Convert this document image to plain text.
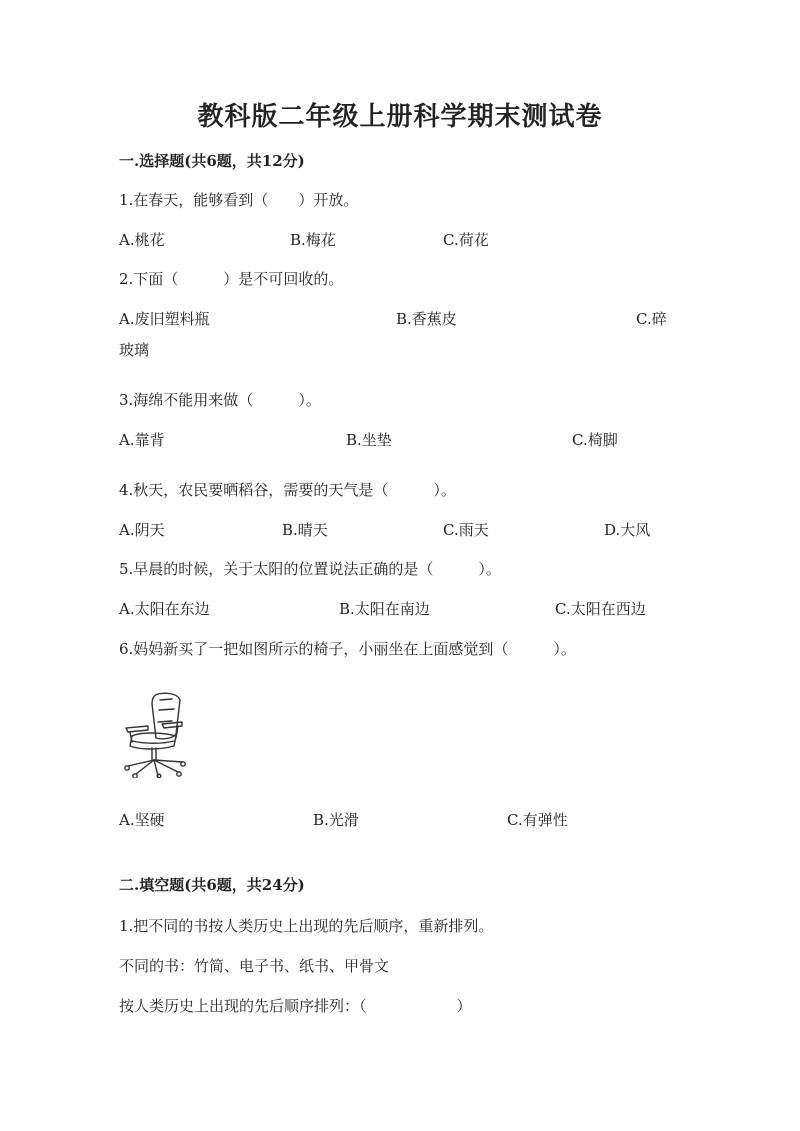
教科版二年级上册科学期末测试卷
一.选择题(共6题，共12分)
1.在春天，能够看到（　　）开放。
A.桃花	B.梅花	C.荷花
2.下面（　　　）是不可回收的。
A.废旧塑料瓶	B.香蕉皮	C.碎
玻璃
3.海绵不能用来做（　　　）。
A.靠背	B.坐垫	C.椅脚
4.秋天，农民要晒稻谷，需要的天气是（　　　）。
A.阴天	B.晴天	C.雨天	D.大风
5.早晨的时候，关于太阳的位置说法正确的是（　　　）。
A.太阳在东边	B.太阳在南边	C.太阳在西边
6.妈妈新买了一把如图所示的椅子，小丽坐在上面感觉到（　　　）。
A.坚硬	B.光滑	C.有弹性
二.填空题(共6题，共24分)
1.把不同的书按人类历史上出现的先后顺序，重新排列。
不同的书：竹简、电子书、纸书、甲骨文
按人类历史上出现的先后顺序排列：（　　　　　　）
